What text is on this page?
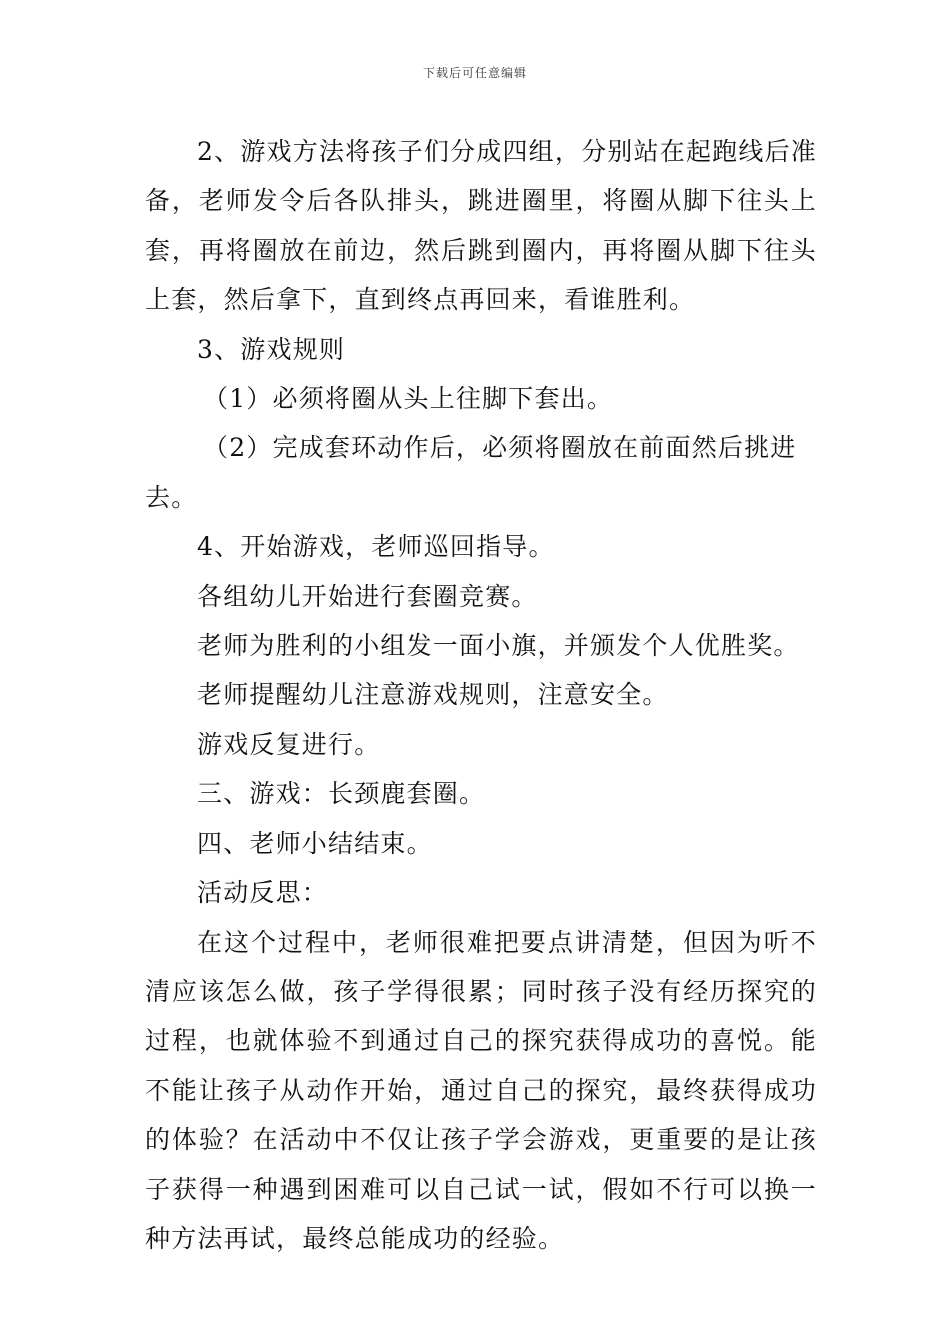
下载后可任意编辑

2、游戏方法将孩子们分成四组，分别站在起跑线后准备，老师发令后各队排头，跳进圈里，将圈从脚下往头上套，再将圈放在前边，然后跳到圈内，再将圈从脚下往头上套，然后拿下，直到终点再回来，看谁胜利。

3、游戏规则

（1）必须将圈从头上往脚下套出。

（2）完成套环动作后，必须将圈放在前面然后挑进去。

4、开始游戏，老师巡回指导。

各组幼儿开始进行套圈竞赛。

老师为胜利的小组发一面小旗，并颁发个人优胜奖。

老师提醒幼儿注意游戏规则，注意安全。

游戏反复进行。

三、游戏：长颈鹿套圈。

四、老师小结结束。

活动反思：

在这个过程中，老师很难把要点讲清楚，但因为听不清应该怎么做，孩子学得很累；同时孩子没有经历探究的过程，也就体验不到通过自己的探究获得成功的喜悦。能不能让孩子从动作开始，通过自己的探究，最终获得成功的体验？在活动中不仅让孩子学会游戏，更重要的是让孩子获得一种遇到困难可以自己试一试，假如不行可以换一种方法再试，最终总能成功的经验。
